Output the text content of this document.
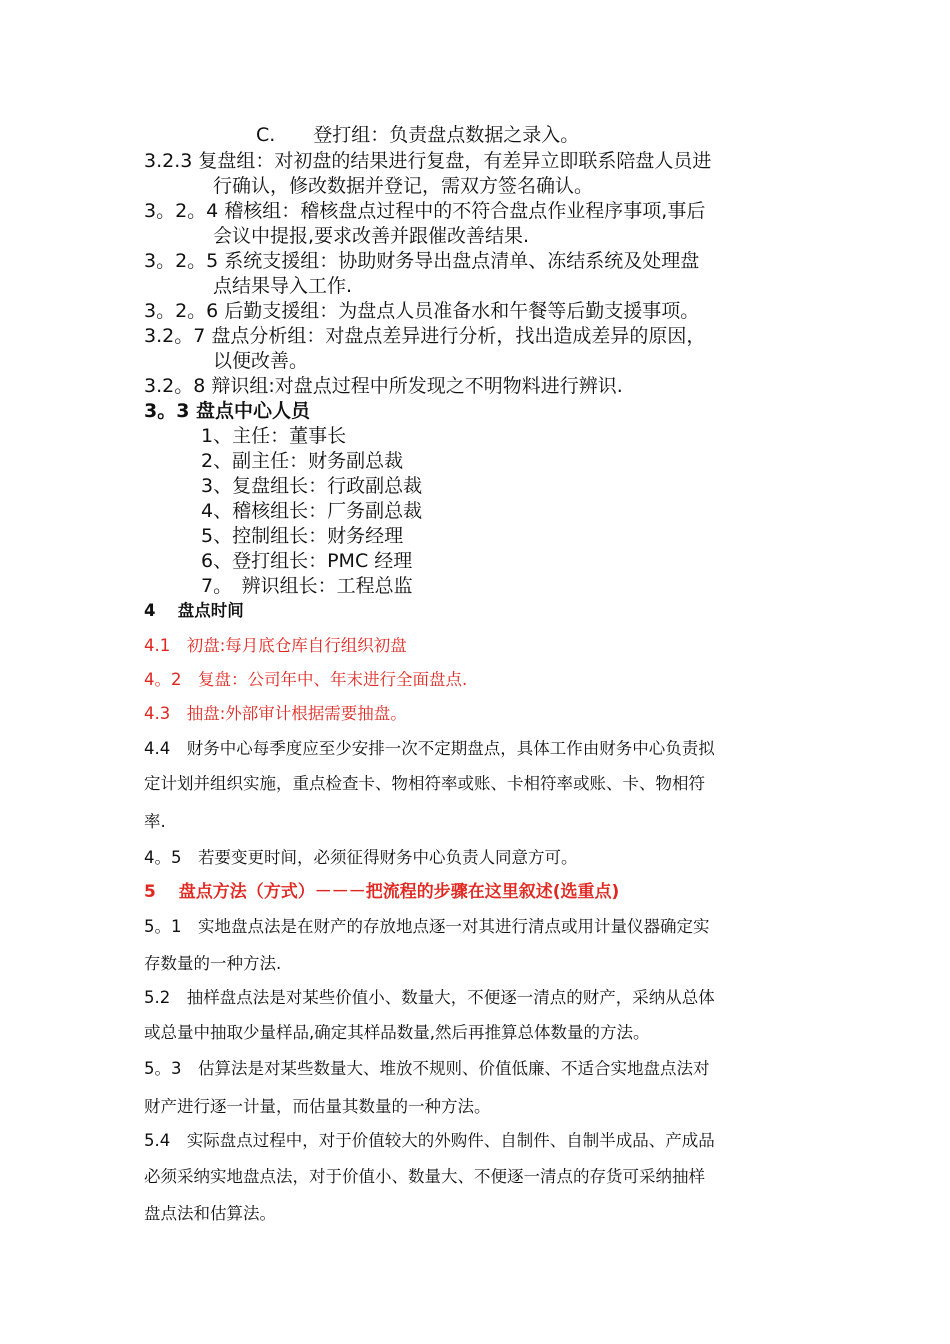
C.　　登打组：负责盘点数据之录入。
3.2.3 复盘组：对初盘的结果进行复盘，有差异立即联系陪盘人员进
行确认，修改数据并登记，需双方签名确认。
3。2。4 稽核组：稽核盘点过程中的不符合盘点作业程序事项,事后
会议中提报,要求改善并跟催改善结果.
3。2。5 系统支援组：协助财务导出盘点清单、冻结系统及处理盘
点结果导入工作.
3。2。6 后勤支援组：为盘点人员准备水和午餐等后勤支援事项。
3.2。7 盘点分析组：对盘点差异进行分析，找出造成差异的原因，
以便改善。
3.2。8 辩识组:对盘点过程中所发现之不明物料进行辨识.
3。3 盘点中心人员
1、主任：董事长
2、副主任：财务副总裁
3、复盘组长：行政副总裁
4、稽核组长：厂务副总裁
5、控制组长：财务经理
6、登打组长：PMC 经理
7。　辨识组长：工程总监
4　 盘点时间
4.1　初盘:每月底仓库自行组织初盘
4。2　复盘：公司年中、年末进行全面盘点.
4.3　抽盘:外部审计根据需要抽盘。
4.4　财务中心每季度应至少安排一次不定期盘点，具体工作由财务中心负责拟
定计划并组织实施，重点检查卡、物相符率或账、卡相符率或账、卡、物相符
率.
4。5　若要变更时间，必须征得财务中心负责人同意方可。
5　 盘点方法（方式）－－－把流程的步骤在这里叙述(选重点)
5。1　实地盘点法是在财产的存放地点逐一对其进行清点或用计量仪器确定实
存数量的一种方法.
5.2　抽样盘点法是对某些价值小、数量大，不便逐一清点的财产，采纳从总体
或总量中抽取少量样品,确定其样品数量,然后再推算总体数量的方法。
5。3　估算法是对某些数量大、堆放不规则、价值低廉、不适合实地盘点法对
财产进行逐一计量，而估量其数量的一种方法。
5.4　实际盘点过程中，对于价值较大的外购件、自制件、自制半成品、产成品
必须采纳实地盘点法，对于价值小、数量大、不便逐一清点的存货可采纳抽样
盘点法和估算法。
